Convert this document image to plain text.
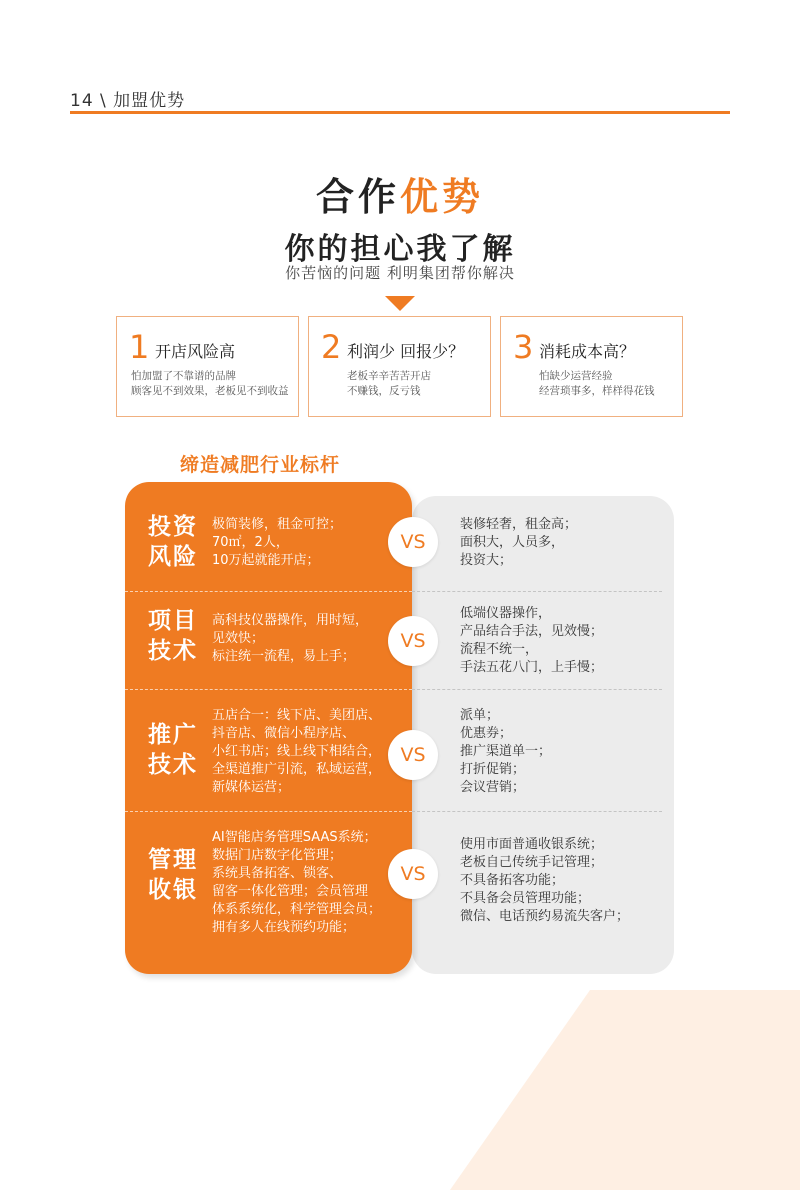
14 \ 加盟优势
合作优势
你的担心我了解
你苦恼的问题 利明集团帮你解决
1 开店风险高
怕加盟了不靠谱的品牌
顾客见不到效果，老板见不到收益
2 利润少 回报少？
老板辛辛苦苦开店
不赚钱，反亏钱
3 消耗成本高？
怕缺少运营经验
经营琐事多，样样得花钱
缔造减肥行业标杆
投资
风险
极简装修，租金可控；
70㎡，2人，
10万起就能开店；
VS
装修轻奢，租金高；
面积大，人员多，
投资大；
项目
技术
高科技仪器操作，用时短，
见效快；
标注统一流程，易上手；
VS
低端仪器操作，
产品结合手法，见效慢；
流程不统一，
手法五花八门，上手慢；
推广
技术
五店合一：线下店、美团店、
抖音店、微信小程序店、
小红书店；线上线下相结合，
全渠道推广引流，私域运营，
新媒体运营；
VS
派单；
优惠券；
推广渠道单一；
打折促销；
会议营销；
管理
收银
AI智能店务管理SAAS系统；
数据门店数字化管理；
系统具备拓客、锁客、
留客一体化管理；会员管理
体系系统化，科学管理会员；
拥有多人在线预约功能；
VS
使用市面普通收银系统；
老板自己传统手记管理；
不具备拓客功能；
不具备会员管理功能；
微信、电话预约易流失客户；
